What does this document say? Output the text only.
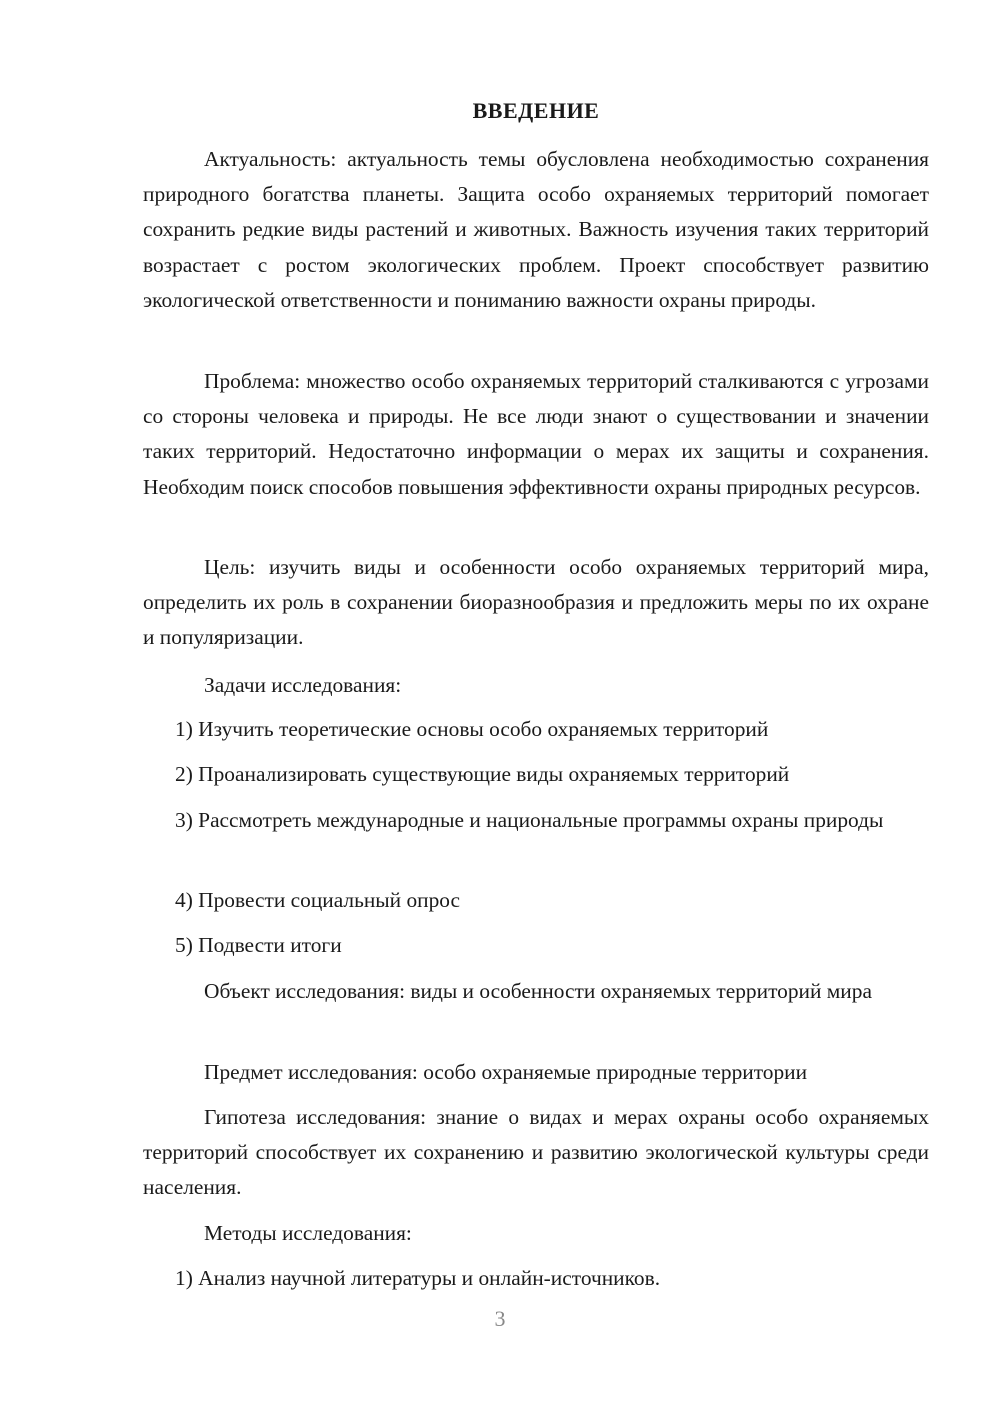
ВВЕДЕНИЕ

Актуальность: актуальность темы обусловлена необходимостью сохранения природного богатства планеты. Защита особо охраняемых территорий помогает сохранить редкие виды растений и животных. Важность изучения таких территорий возрастает с ростом экологических проблем. Проект способствует развитию экологической ответственности и пониманию важности охраны природы.

Проблема: множество особо охраняемых территорий сталкиваются с угрозами со стороны человека и природы. Не все люди знают о существовании и значении таких территорий. Недостаточно информации о мерах их защиты и сохранения. Необходим поиск способов повышения эффективности охраны природных ресурсов.

Цель: изучить виды и особенности особо охраняемых территорий мира, определить их роль в сохранении биоразнообразия и предложить меры по их охране и популяризации.

Задачи исследования:

1) Изучить теоретические основы особо охраняемых территорий

2) Проанализировать существующие виды охраняемых территорий

3) Рассмотреть международные и национальные программы охраны природы

4) Провести социальный опрос

5) Подвести итоги

Объект исследования: виды и особенности охраняемых территорий мира

Предмет исследования: особо охраняемые природные территории

Гипотеза исследования: знание о видах и мерах охраны особо охраняемых территорий способствует их сохранению и развитию экологической культуры среди населения.

Методы исследования:

1) Анализ научной литературы и онлайн-источников.

3
